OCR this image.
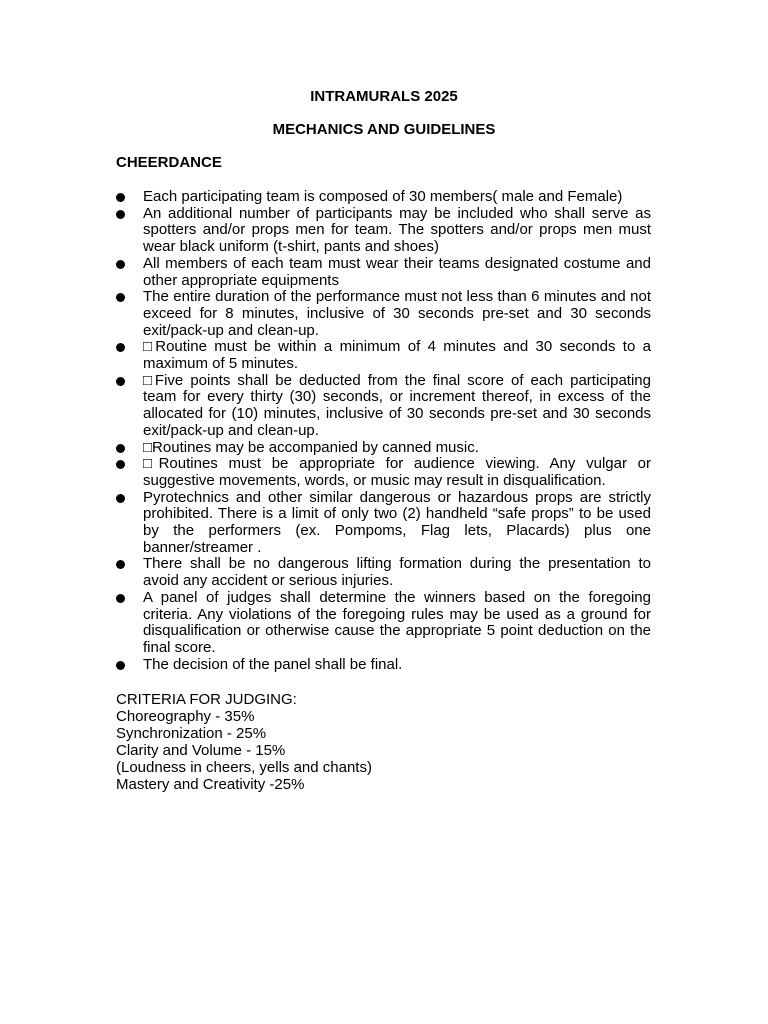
INTRAMURALS 2025
MECHANICS AND GUIDELINES
CHEERDANCE
Each participating team is composed of 30 members( male and Female)
An additional number of participants may be included who shall serve as spotters and/or props men for team. The spotters and/or props men must wear black uniform (t-shirt, pants and shoes)
All members of each team must wear their teams designated costume and other appropriate equipments
The entire duration of the performance must not less than 6 minutes and not exceed for 8 minutes, inclusive of 30 seconds pre-set and 30 seconds exit/pack-up and clean-up.
□Routine must be within a minimum of 4 minutes and 30 seconds to a maximum of 5 minutes.
□Five points shall be deducted from the final score of each participating team for every thirty (30) seconds, or increment thereof, in excess of the allocated for (10) minutes, inclusive of 30 seconds pre-set and 30 seconds exit/pack-up and clean-up.
□Routines may be accompanied by canned music.
□Routines must be appropriate for audience viewing. Any vulgar or suggestive movements, words, or music may result in disqualification.
Pyrotechnics and other similar dangerous or hazardous props are strictly prohibited. There is a limit of only two (2) handheld “safe props” to be used by the performers (ex. Pompoms, Flag lets, Placards) plus one banner/streamer .
There shall be no dangerous lifting formation during the presentation to avoid any accident or serious injuries.
A panel of judges shall determine the winners based on the foregoing criteria. Any violations of the foregoing rules may be used as a ground for disqualification or otherwise cause the appropriate 5 point deduction on the final score.
The decision of the panel shall be final.
CRITERIA FOR JUDGING:
Choreography - 35%
Synchronization - 25%
Clarity and Volume - 15%
(Loudness in cheers, yells and chants)
Mastery and Creativity -25%
